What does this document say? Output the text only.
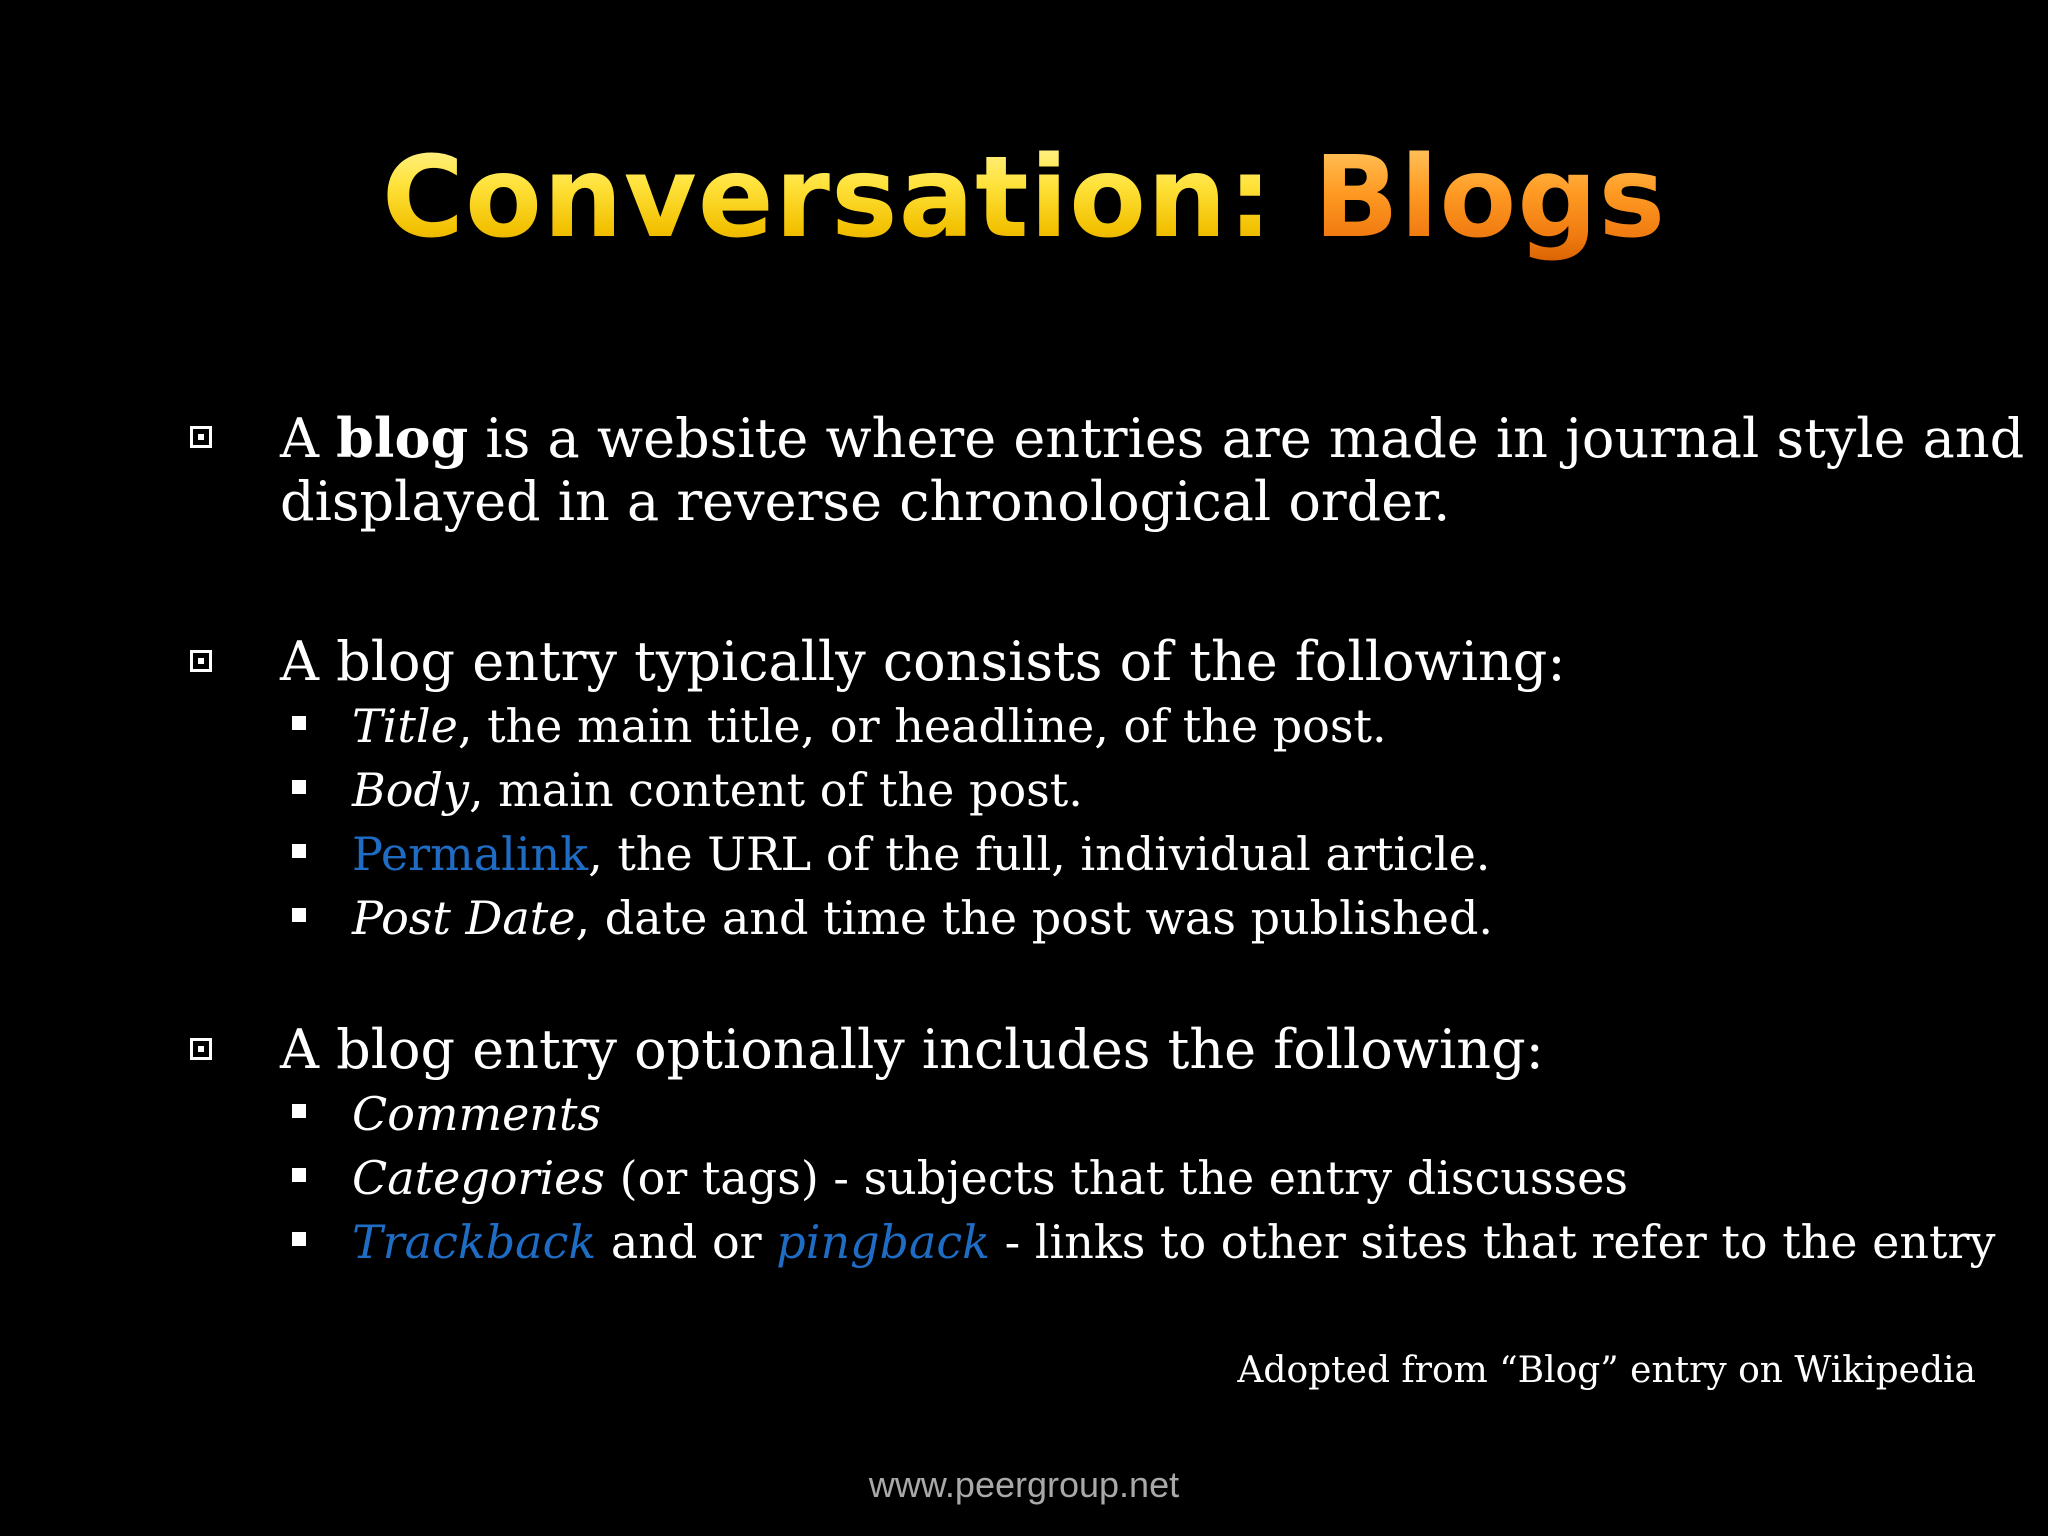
Conversation: Blogs
A blog is a website where entries are made in journal style and
displayed in a reverse chronological order.
A blog entry typically consists of the following:
Title, the main title, or headline, of the post.
Body, main content of the post.
Permalink, the URL of the full, individual article.
Post Date, date and time the post was published.
A blog entry optionally includes the following:
Comments
Categories (or tags) - subjects that the entry discusses
Trackback and or pingback - links to other sites that refer to the entry
Adopted from “Blog” entry on Wikipedia
www.peergroup.net
